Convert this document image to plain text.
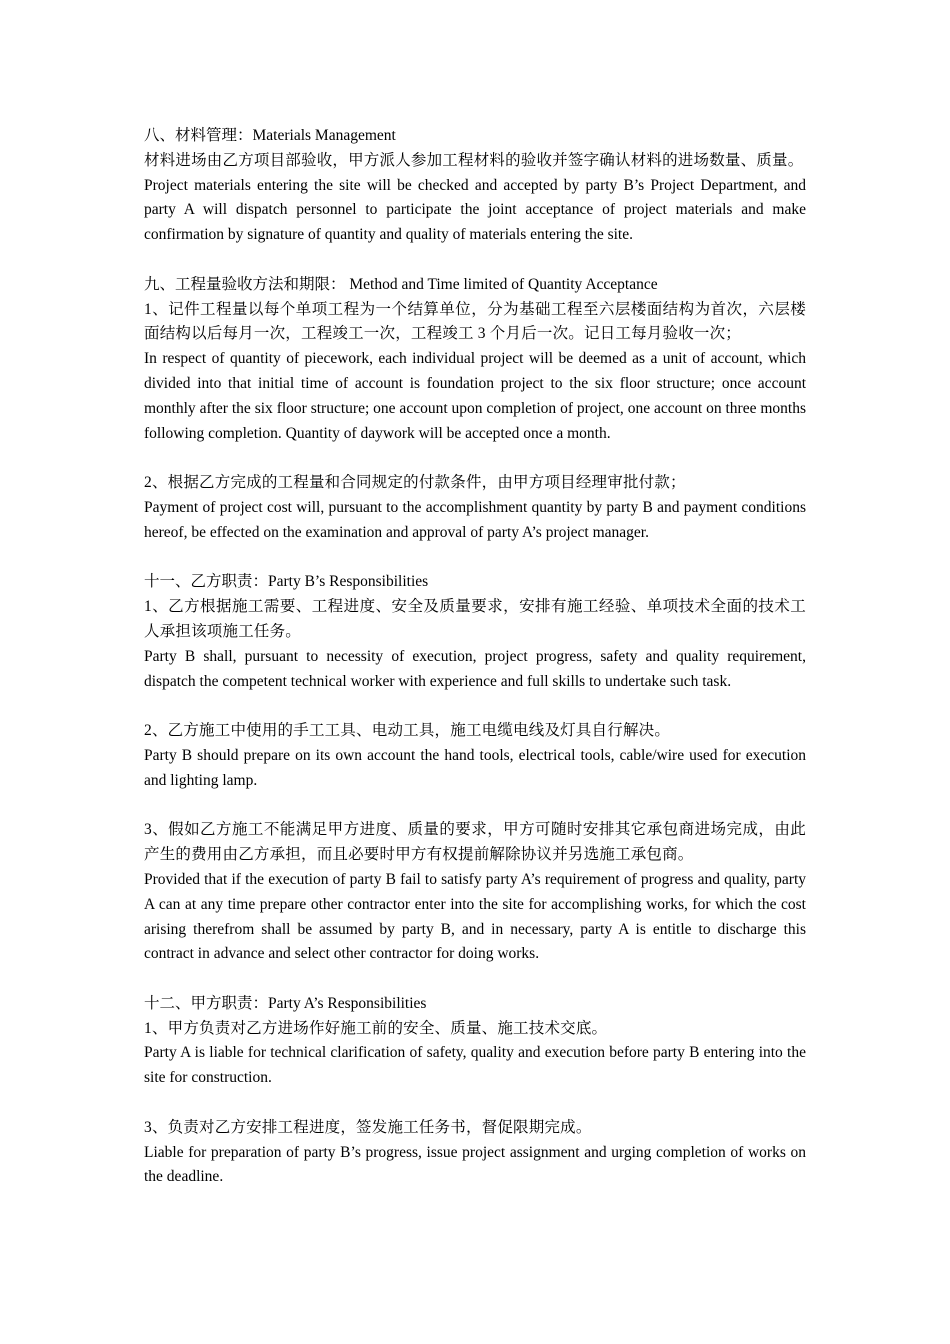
八、材料管理：Materials Management

材料进场由乙方项目部验收，甲方派人参加工程材料的验收并签字确认材料的进场数量、质量。

Project materials entering the site will be checked and accepted by party B’s Project Department, and party A will dispatch personnel to participate the joint acceptance of project materials and make confirmation by signature of quantity and quality of materials entering the site.

九、工程量验收方法和期限： Method and Time limited of Quantity Acceptance

1、记件工程量以每个单项工程为一个结算单位，分为基础工程至六层楼面结构为首次，六层楼面结构以后每月一次，工程竣工一次，工程竣工 3 个月后一次。记日工每月验收一次；

In respect of quantity of piecework, each individual project will be deemed as a unit of account, which divided into that initial time of account is foundation project to the six floor structure; once account monthly after the six floor structure; one account upon completion of project, one account on three months following completion. Quantity of daywork will be accepted once a month.

2、根据乙方完成的工程量和合同规定的付款条件，由甲方项目经理审批付款；

Payment of project cost will, pursuant to the accomplishment quantity by party B and payment conditions hereof, be effected on the examination and approval of party A’s project manager.

十一、乙方职责：Party B’s Responsibilities

1、乙方根据施工需要、工程进度、安全及质量要求，安排有施工经验、单项技术全面的技术工人承担该项施工任务。

Party B shall, pursuant to necessity of execution, project progress, safety and quality requirement, dispatch the competent technical worker with experience and full skills to undertake such task.

2、乙方施工中使用的手工工具、电动工具，施工电缆电线及灯具自行解决。

Party B should prepare on its own account the hand tools, electrical tools, cable/wire used for execution and lighting lamp.

3、假如乙方施工不能满足甲方进度、质量的要求，甲方可随时安排其它承包商进场完成，由此产生的费用由乙方承担，而且必要时甲方有权提前解除协议并另选施工承包商。

Provided that if the execution of party B fail to satisfy party A’s requirement of progress and quality, party A can at any time prepare other contractor enter into the site for accomplishing works, for which the cost arising therefrom shall be assumed by party B, and in necessary, party A is entitle to discharge this contract in advance and select other contractor for doing works.

十二、甲方职责：Party A’s Responsibilities

1、甲方负责对乙方进场作好施工前的安全、质量、施工技术交底。

Party A is liable for technical clarification of safety, quality and execution before party B entering into the site for construction.

3、负责对乙方安排工程进度，签发施工任务书，督促限期完成。

Liable for preparation of party B’s progress, issue project assignment and urging completion of works on the deadline.
